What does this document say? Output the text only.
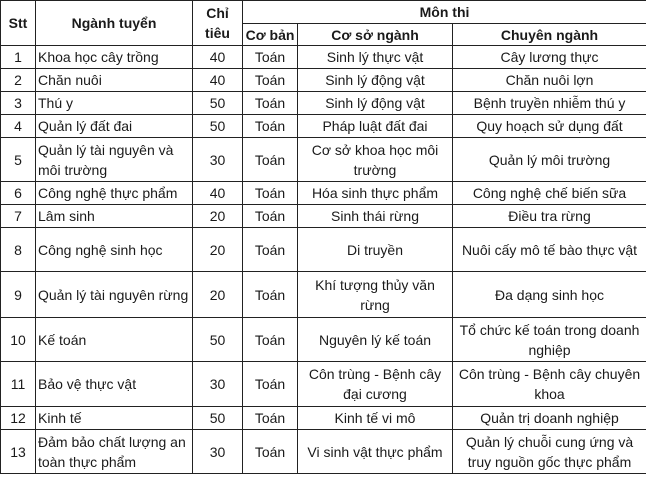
Stt	Ngành tuyển	Chỉ tiêu	Môn thi		
			Cơ bản	Cơ sở ngành	Chuyên ngành
1	Khoa học cây trồng	40	Toán	Sinh lý thực vật	Cây lương thực
2	Chăn nuôi	40	Toán	Sinh lý động vật	Chăn nuôi lợn
3	Thú y	50	Toán	Sinh lý động vật	Bệnh truyền nhiễm thú y
4	Quản lý đất đai	50	Toán	Pháp luật đất đai	Quy hoạch sử dụng đất
5	Quản lý tài nguyên và môi trường	30	Toán	Cơ sở khoa học môi trường	Quản lý môi trường
6	Công nghệ thực phẩm	40	Toán	Hóa sinh thực phẩm	Công nghệ chế biến sữa
7	Lâm sinh	20	Toán	Sinh thái rừng	Điều tra rừng
8	Công nghệ sinh học	20	Toán	Di truyền	Nuôi cấy mô tế bào thực vật
9	Quản lý tài nguyên rừng	20	Toán	Khí tượng thủy văn rừng	Đa dạng sinh học
10	Kế toán	50	Toán	Nguyên lý kế toán	Tổ chức kế toán trong doanh nghiệp
11	Bảo vệ thực vật	30	Toán	Côn trùng - Bệnh cây đại cương	Côn trùng - Bệnh cây chuyên khoa
12	Kinh tế	50	Toán	Kinh tế vi mô	Quản trị doanh nghiệp
13	Đảm bảo chất lượng an toàn thực phẩm	30	Toán	Vi sinh vật thực phẩm	Quản lý chuỗi cung ứng và truy nguồn gốc thực phẩm
